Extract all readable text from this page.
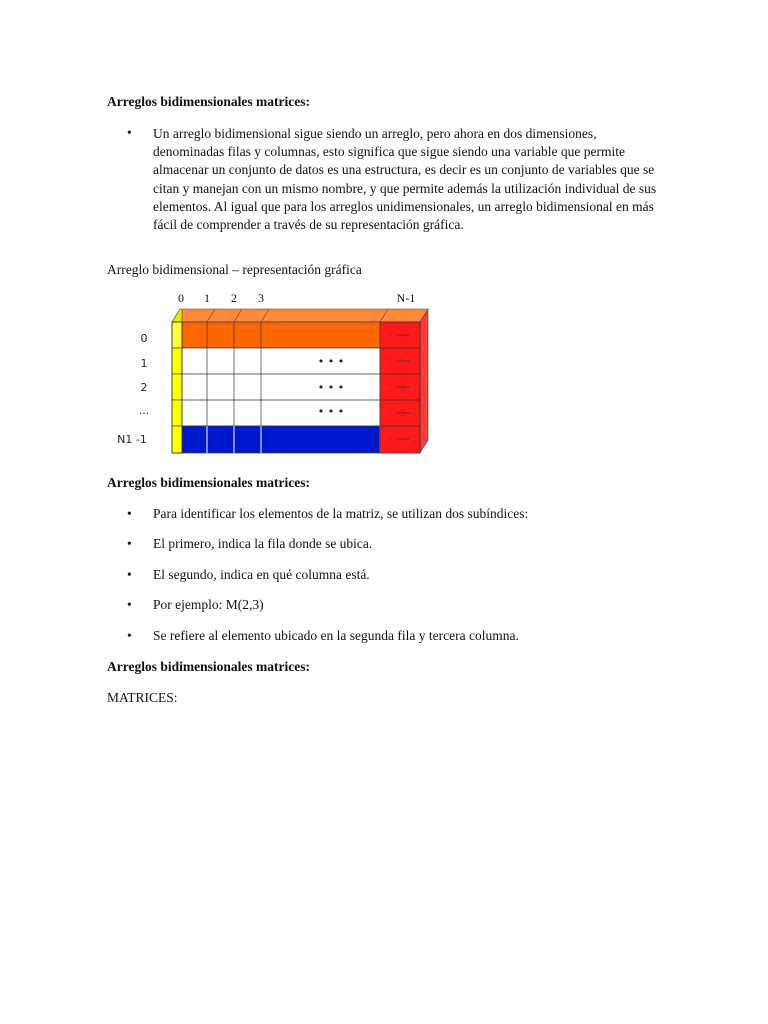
Arreglos bidimensionales matrices:
• Un arreglo bidimensional sigue siendo un arreglo, pero ahora en dos dimensiones, denominadas filas y columnas, esto significa que sigue siendo una variable que permite almacenar un conjunto de datos es una estructura, es decir es un conjunto de variables que se citan y manejan con un mismo nombre, y que permite además la utilización individual de sus elementos. Al igual que para los arreglos unidimensionales, un arreglo bidimensional en más fácil de comprender a través de su representación gráfica.
Arreglo bidimensional – representación gráfica
0 1 2 3	N-1
0
1
2
...
N1 -1
• • •
• • •
• • •
Arreglos bidimensionales matrices:
• Para identificar los elementos de la matriz, se utilizan dos subíndices:
• El primero, indica la fila donde se ubica.
• El segundo, indica en qué columna está.
• Por ejemplo: M(2,3)
• Se refiere al elemento ubicado en la segunda fila y tercera columna.
Arreglos bidimensionales matrices:
MATRICES:
